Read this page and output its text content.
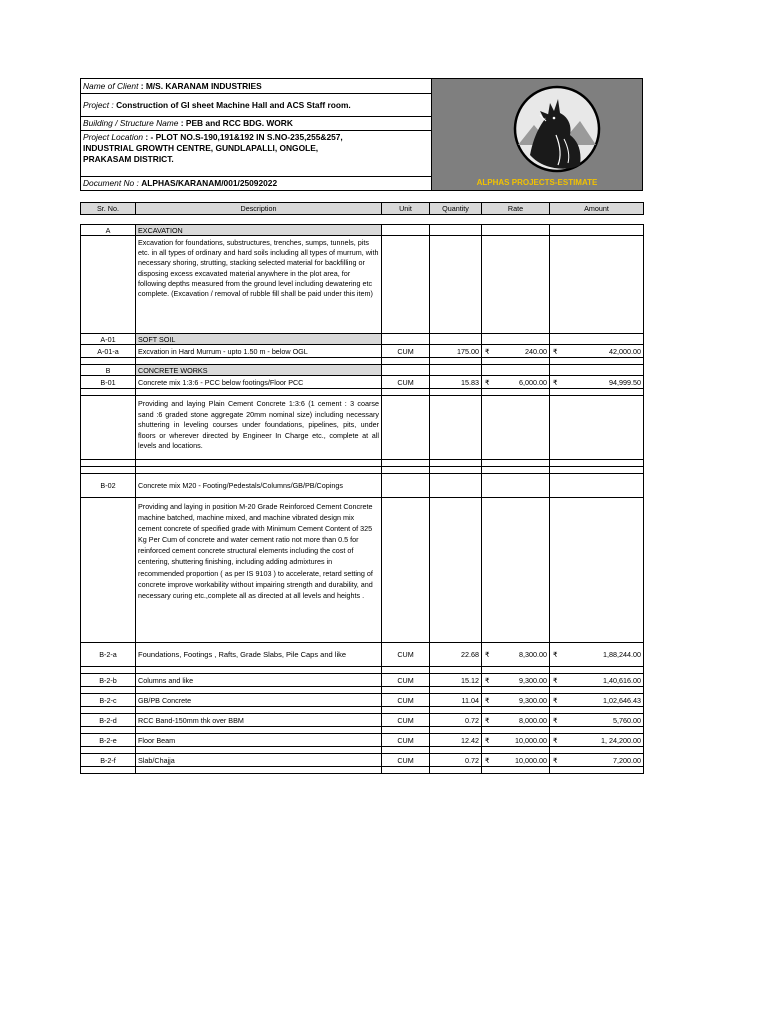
Name of Client : M/S. KARANAM INDUSTRIES
Project : Construction of GI sheet Machine Hall and ACS Staff room.
Building / Structure Name : PEB and RCC BDG. WORK
Project Location : - PLOT NO.S-190,191&192 IN S.NO-235,255&257,
INDUSTRIAL GROWTH CENTRE, GUNDLAPALLI, ONGOLE,
PRAKASAM DISTRICT.
Document No : ALPHAS/KARANAM/001/25092022	ALPHAS PROJECTS-ESTIMATE
Sr. No.	Description	Unit	Quantity	Rate	Amount

A	EXCAVATION				
	Excavation for foundations, substructures, trenches, sumps, tunnels, pits etc. in all types of ordinary and hard soils including all types of murrum, with necessary shoring, strutting, stacking selected material for backfilling or disposing excess excavated material anywhere in the plot area, for following depths measured from the ground level including dewatering etc complete. (Excavation / removal of rubble fill shall be paid under this item)				
A-01	SOFT SOIL				
A-01-a	Excvation in Hard Murrum - upto 1.50 m - below OGL	CUM	175.00	₹ 240.00	₹ 42,000.00

B	CONCRETE WORKS				
B-01	Concrete mix 1:3:6 - PCC below footings/Floor PCC	CUM	15.83	₹ 6,000.00	₹ 94,999.50

	Providing and laying Plain Cement Concrete 1:3:6 (1 cement : 3 coarse sand :6 graded stone aggregate 20mm nominal size) including necessary shuttering in leveling courses under foundations, pipelines, pits, under floors or wherever directed by Engineer In Charge etc., complete at all levels and locations.				

B-02	Concrete mix M20 - Footing/Pedestals/Columns/GB/PB/Copings				
	Providing and laying in position M-20 Grade Reinforced Cement Concrete machine batched, machine mixed, and machine vibrated design mix cement concrete of specified grade with Minimum Cement Content of 325 Kg Per Cum of concrete and water cement ratio not more than 0.5 for reinforced cement concrete structural elements including the cost of centering, shuttering finishing, including adding admixtures in recommended proportion ( as per IS 9103 ) to accelerate, retard setting of concrete improve workability without impairing strength and durability, and necessary curing etc.,complete all as directed at all levels and heights .				
B-2-a	Foundations, Footings , Rafts, Grade Slabs, Pile Caps and like	CUM	22.68	₹ 8,300.00	₹ 1,88,244.00

B-2-b	Columns and like	CUM	15.12	₹ 9,300.00	₹ 1,40,616.00

B-2-c	GB/PB Concrete	CUM	11.04	₹ 9,300.00	₹ 1,02,646.43

B-2-d	RCC Band-150mm thk over BBM	CUM	0.72	₹ 8,000.00	₹ 5,760.00

B-2-e	Floor Beam	CUM	12.42	₹ 10,000.00	₹ 1, 24,200.00

B-2-f	Slab/Chajja	CUM	0.72	₹ 10,000.00	₹ 7,200.00
